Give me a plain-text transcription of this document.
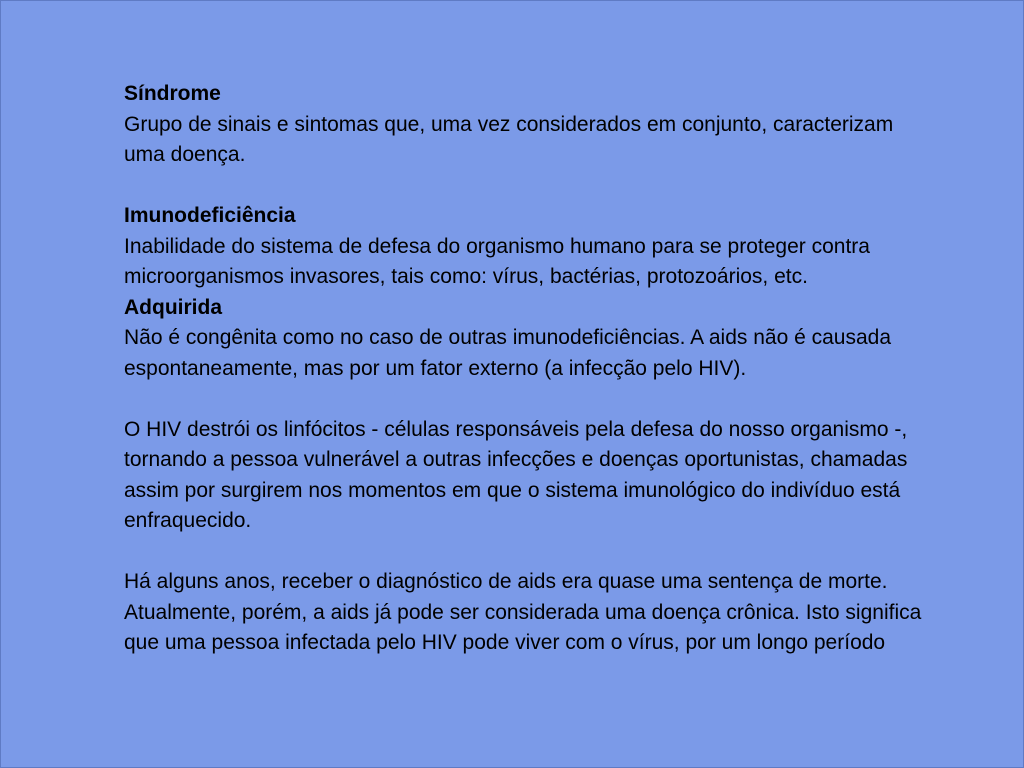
Síndrome
Grupo de sinais e sintomas que, uma vez considerados em conjunto, caracterizam uma doença.
Imunodeficiência
Inabilidade do sistema de defesa do organismo humano para se proteger contra microorganismos invasores, tais como: vírus, bactérias, protozoários, etc.
Adquirida
Não é congênita como no caso de outras imunodeficiências. A aids não é causada espontaneamente, mas por um fator externo (a infecção pelo HIV).
O HIV destrói os linfócitos - células responsáveis pela defesa do nosso organismo -, tornando a pessoa vulnerável a outras infecções e doenças oportunistas, chamadas assim por surgirem nos momentos em que o sistema imunológico do indivíduo está enfraquecido.
Há alguns anos, receber o diagnóstico de aids era quase uma sentença de morte. Atualmente, porém, a aids já pode ser considerada uma doença crônica. Isto significa que uma pessoa infectada pelo HIV pode viver com o vírus, por um longo período
